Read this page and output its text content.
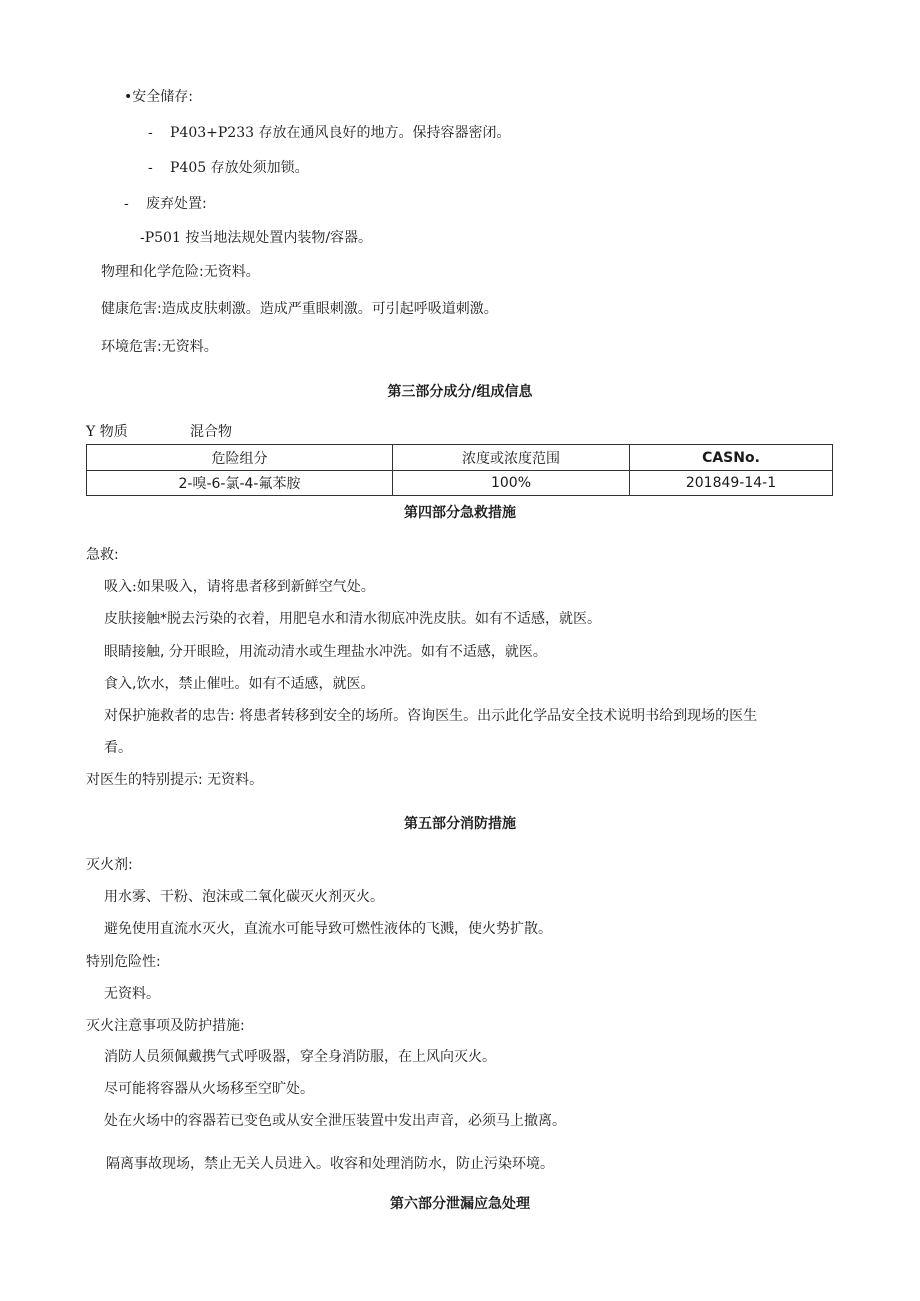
•安全储存:
- P403+P233 存放在通风良好的地方。保持容器密闭。
- P405 存放处须加锁。
- 废弃处置:
-P501 按当地法规处置内装物/容器。
物理和化学危险:无资料。
健康危害:造成皮肤刺激。造成严重眼刺激。可引起呼吸道刺激。
环境危害:无资料。
第三部分成分/组成信息
Y 物质	混合物
危险组分	浓度或浓度范围	CASNo.
2-嗅-6-氯-4-氟苯胺	100%	201849-14-1
第四部分急救措施
急救:
吸入:如果吸入，请将患者移到新鲜空气处。
皮肤接触*脱去污染的衣着，用肥皂水和清水彻底冲洗皮肤。如有不适感，就医。
眼睛接触, 分开眼睑，用流动清水或生理盐水冲洗。如有不适感，就医。
食入,饮水，禁止催吐。如有不适感，就医。
对保护施救者的忠告: 将患者转移到安全的场所。咨询医生。出示此化学品安全技术说明书给到现场的医生
看。
对医生的特别提示: 无资料。
第五部分消防措施
灭火剂:
用水雾、干粉、泡沫或二氧化碳灭火剂灭火。
避免使用直流水灭火，直流水可能导致可燃性液体的飞溅，使火势扩散。
特别危险性:
无资料。
灭火注意事项及防护措施:
消防人员须佩戴携气式呼吸器，穿全身消防服，在上风向灭火。
尽可能将容器从火场移至空旷处。
处在火场中的容器若已变色或从安全泄压装置中发出声音，必须马上撤离。
隔离事故现场，禁止无关人员进入。收容和处理消防水，防止污染环境。
第六部分泄漏应急处理
